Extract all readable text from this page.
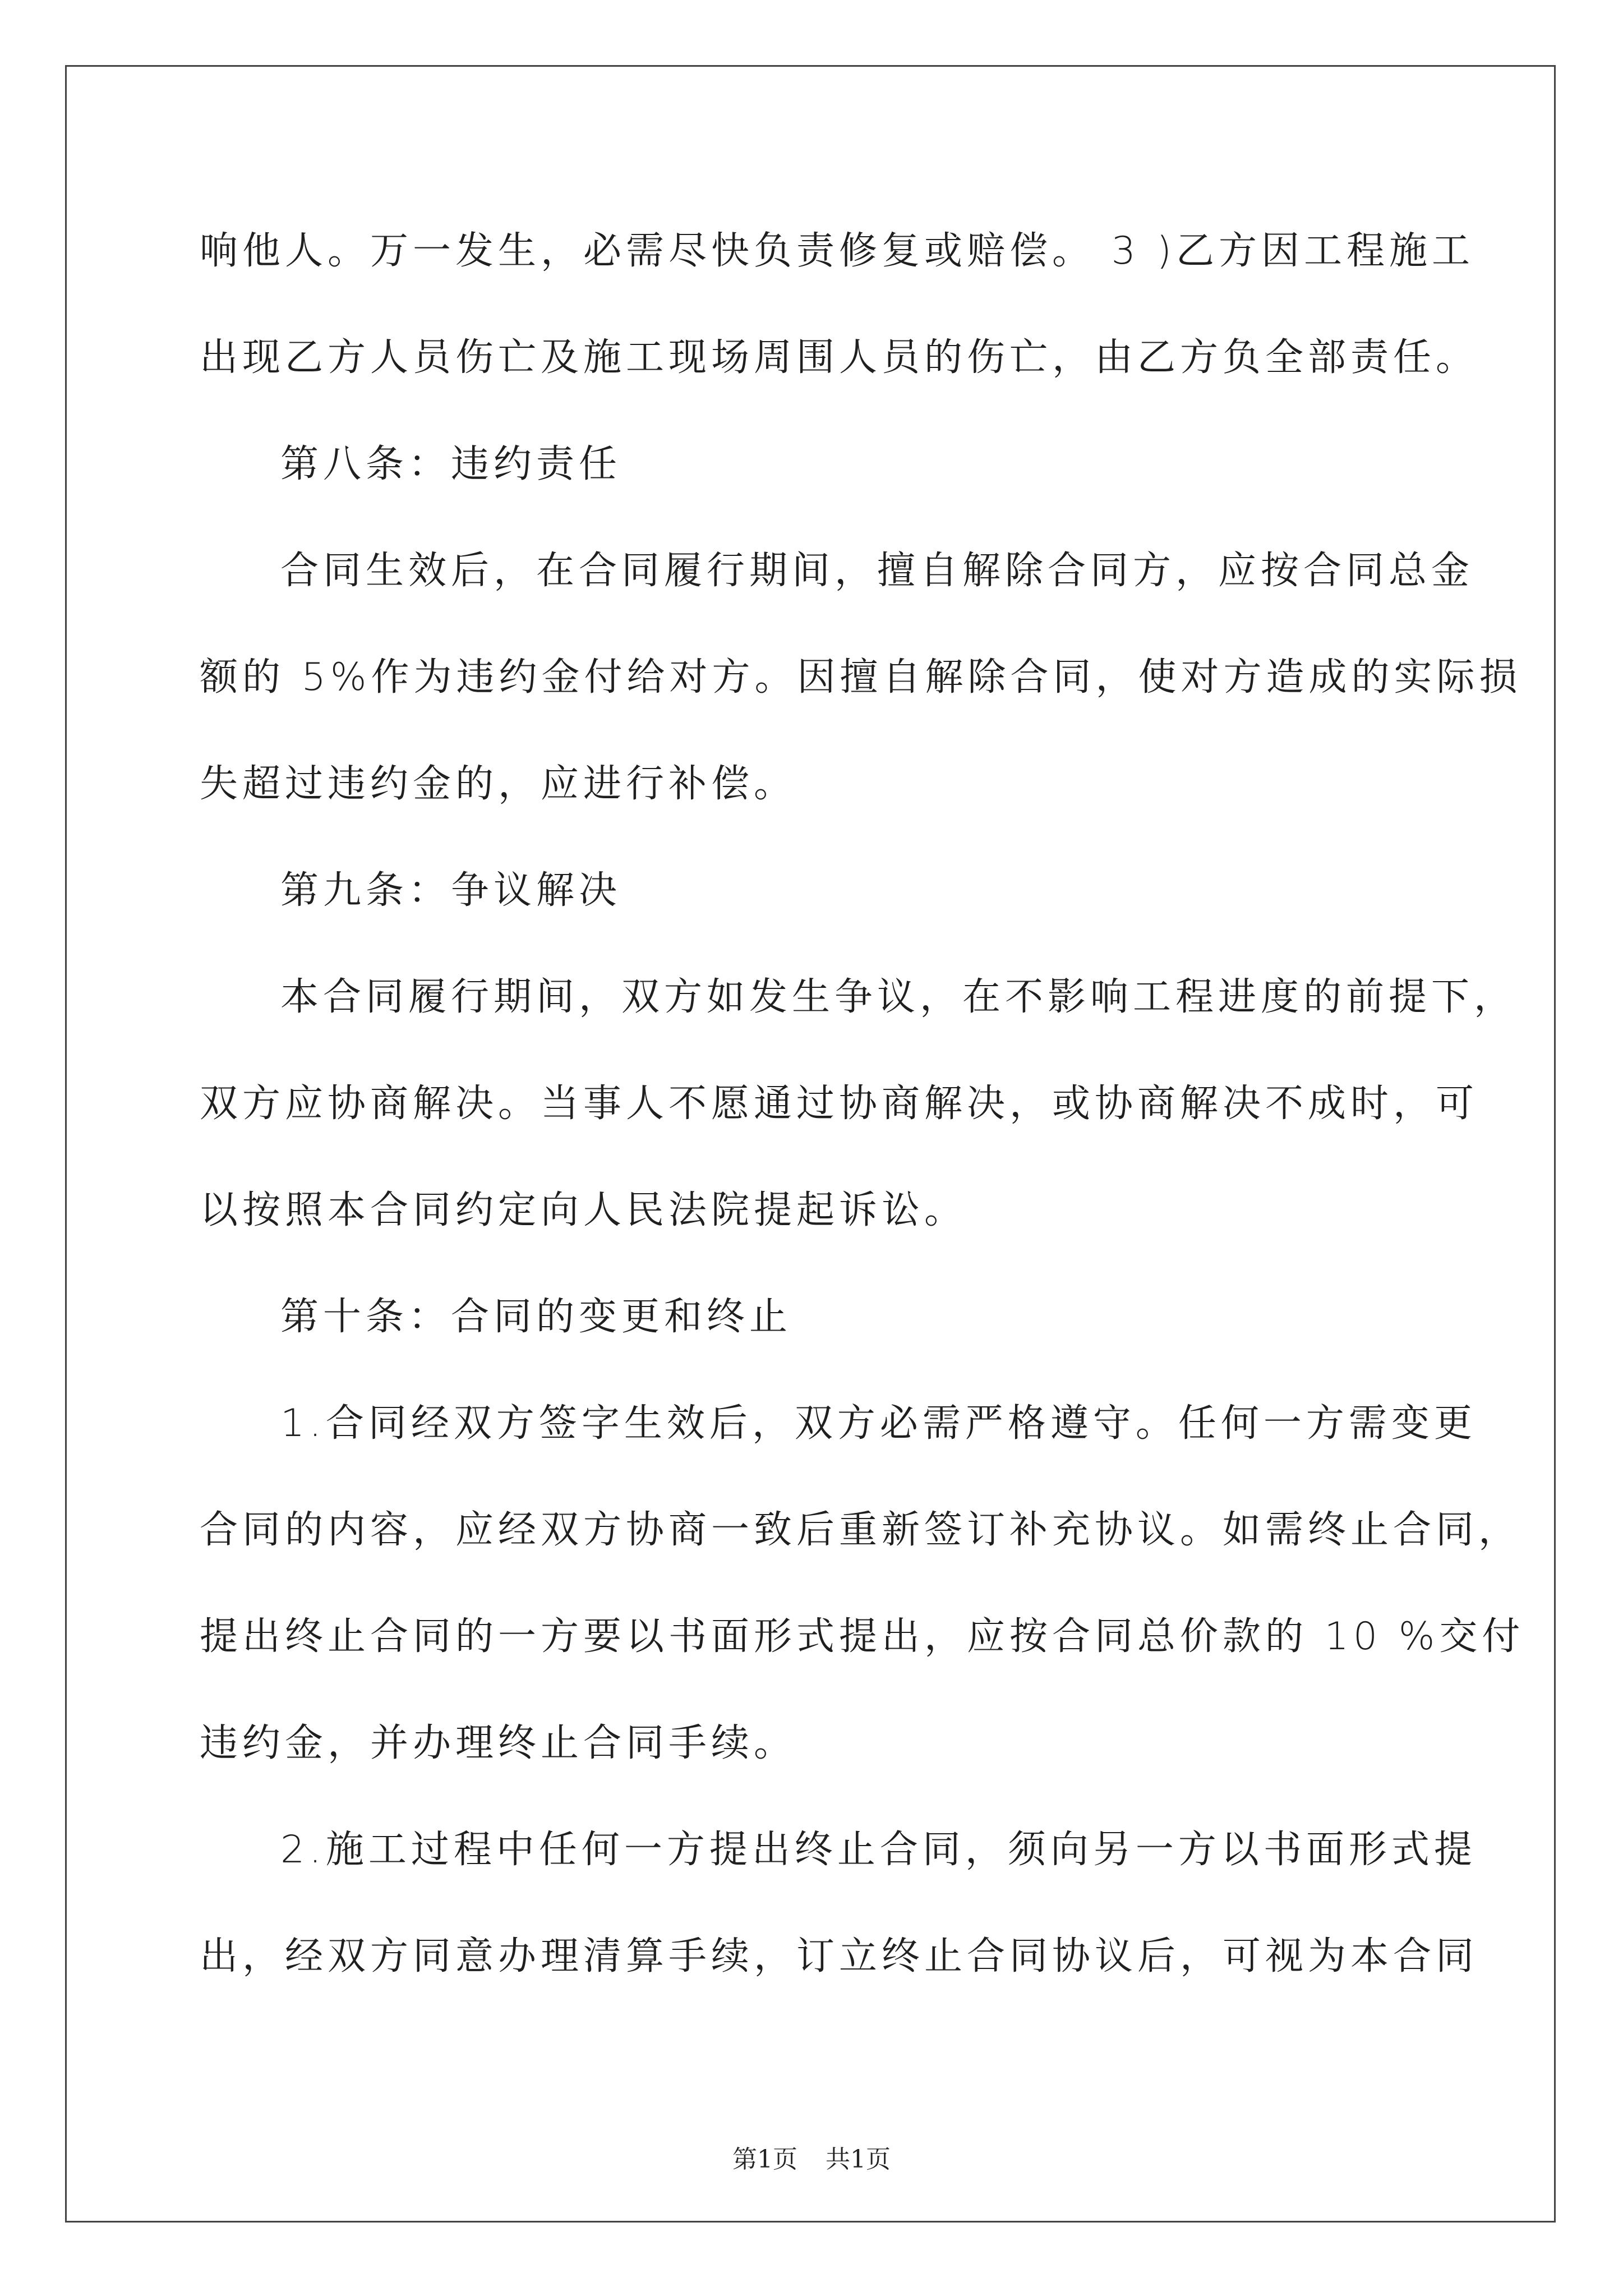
响他人。万一发生，必需尽快负责修复或赔偿。 3 )乙方因工程施工
出现乙方人员伤亡及施工现场周围人员的伤亡，由乙方负全部责任。
第八条：违约责任
合同生效后，在合同履行期间，擅自解除合同方，应按合同总金
额的 5%作为违约金付给对方。因擅自解除合同，使对方造成的实际损
失超过违约金的，应进行补偿。
第九条：争议解决
本合同履行期间，双方如发生争议，在不影响工程进度的前提下，
双方应协商解决。当事人不愿通过协商解决，或协商解决不成时，可
以按照本合同约定向人民法院提起诉讼。
第十条：合同的变更和终止
1.合同经双方签字生效后，双方必需严格遵守。任何一方需变更
合同的内容，应经双方协商一致后重新签订补充协议。如需终止合同，
提出终止合同的一方要以书面形式提出，应按合同总价款的 10 %交付
违约金，并办理终止合同手续。
2.施工过程中任何一方提出终止合同，须向另一方以书面形式提
出，经双方同意办理清算手续，订立终止合同协议后，可视为本合同
第1页 共1页
